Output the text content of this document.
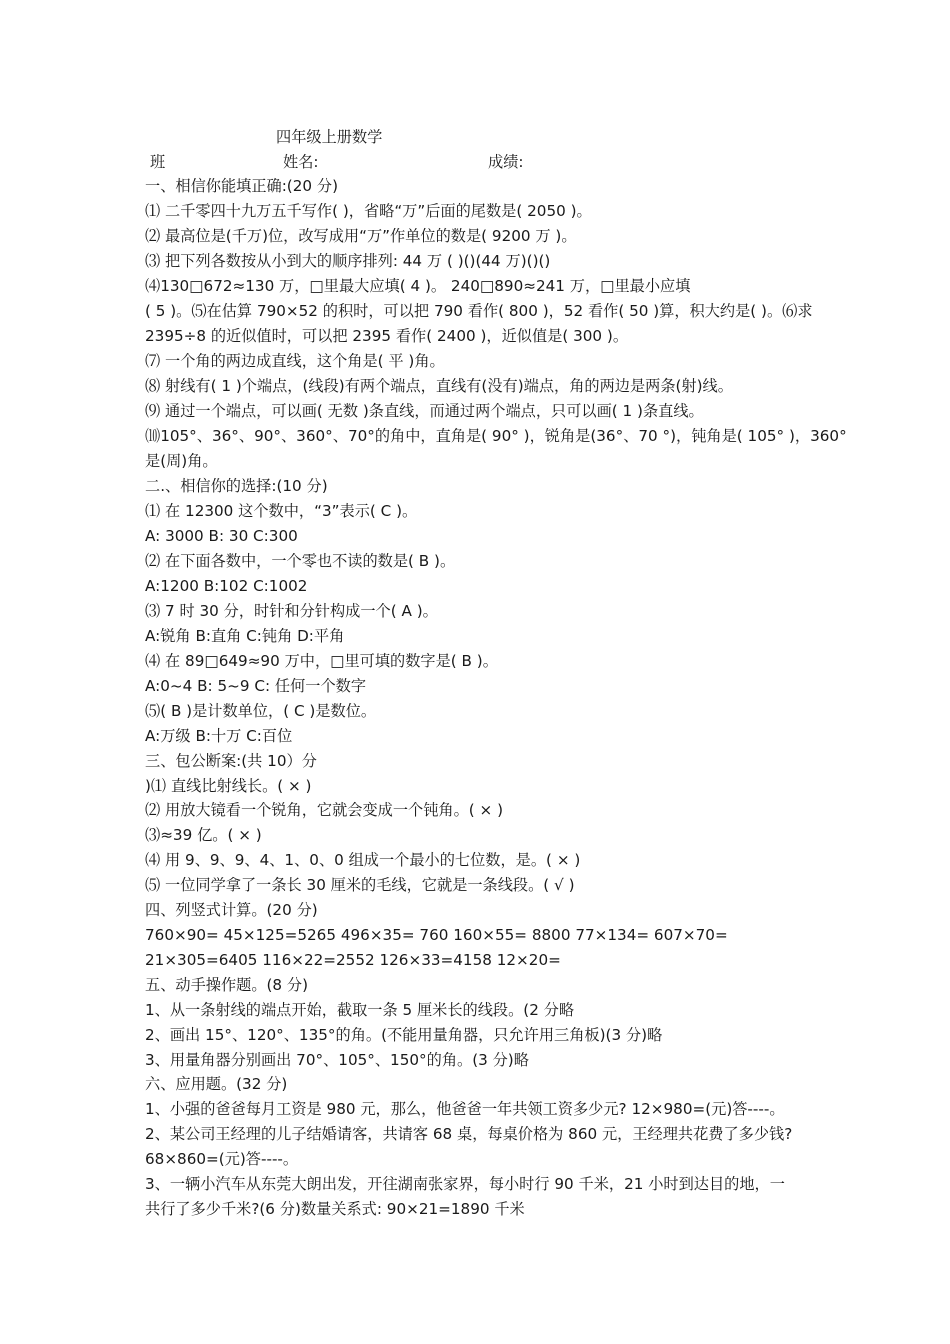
四年级上册数学
班	姓名:	成绩:
一、相信你能填正确:(20 分)
⑴ 二千零四十九万五千写作( )，省略“万”后面的尾数是( 2050 )。
⑵ 最高位是(千万)位，改写成用“万”作单位的数是( 9200 万 )。
⑶ 把下列各数按从小到大的顺序排列: 44 万 ( )()(44 万)()()
⑷130□672≈130 万，□里最大应填( 4 )。 240□890≈241 万，□里最小应填
( 5 )。⑸在估算 790×52 的积时，可以把 790 看作( 800 )，52 看作( 50 )算，积大约是( )。⑹求
2395÷8 的近似值时，可以把 2395 看作( 2400 )，近似值是( 300 )。
⑺ 一个角的两边成直线，这个角是( 平 )角。
⑻ 射线有( 1 )个端点，(线段)有两个端点，直线有(没有)端点，角的两边是两条(射)线。
⑼ 通过一个端点，可以画( 无数 )条直线，而通过两个端点，只可以画( 1 )条直线。
⑽105°、36°、90°、360°、70°的角中，直角是( 90° )，锐角是(36°、70 °)，钝角是( 105° )，360°
是(周)角。
二.、相信你的选择:(10 分)
⑴ 在 12300 这个数中，“3”表示( C )。
A: 3000 B: 30 C:300
⑵ 在下面各数中，一个零也不读的数是( B )。
A:1200 B:102 C:1002
⑶ 7 时 30 分，时针和分针构成一个( A )。
A:锐角 B:直角 C:钝角 D:平角
⑷ 在 89□649≈90 万中，□里可填的数字是( B )。
A:0~4 B: 5~9 C: 任何一个数字
⑸( B )是计数单位，( C )是数位。
A:万级 B:十万 C:百位
三、包公断案:(共 10）分
)⑴ 直线比射线长。( × )
⑵ 用放大镜看一个锐角，它就会变成一个钝角。( × )
⑶≈39 亿。( × )
⑷ 用 9、9、9、4、1、0、0 组成一个最小的七位数，是。( × )
⑸ 一位同学拿了一条长 30 厘米的毛线，它就是一条线段。( √ )
四、列竖式计算。(20 分)
760×90= 45×125=5265 496×35= 760 160×55= 8800 77×134= 607×70=
21×305=6405 116×22=2552 126×33=4158 12×20=
五、动手操作题。(8 分)
1、从一条射线的端点开始，截取一条 5 厘米长的线段。(2 分略
2、画出 15°、120°、135°的角。(不能用量角器，只允许用三角板)(3 分)略
3、用量角器分别画出 70°、105°、150°的角。(3 分)略
六、应用题。(32 分)
1、小强的爸爸每月工资是 980 元，那么，他爸爸一年共领工资多少元? 12×980=(元)答----。
2、某公司王经理的儿子结婚请客，共请客 68 桌，每桌价格为 860 元，王经理共花费了多少钱?
68×860=(元)答----。
3、一辆小汽车从东莞大朗出发，开往湖南张家界，每小时行 90 千米，21 小时到达目的地，一
共行了多少千米?(6 分)数量关系式: 90×21=1890 千米
